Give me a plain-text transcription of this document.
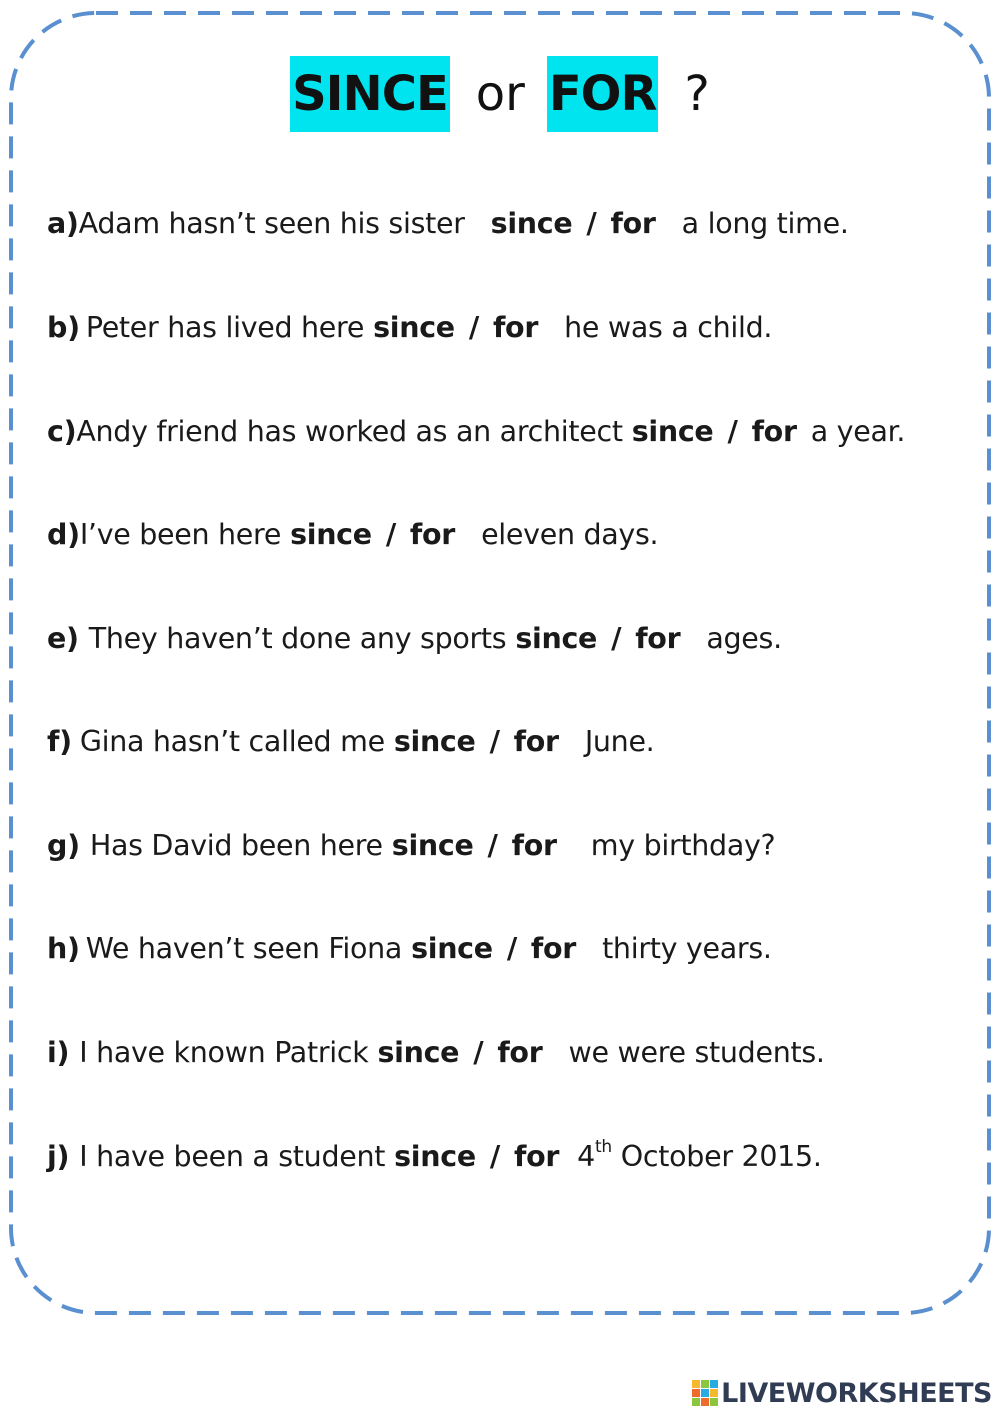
SINCE or FOR ?
a)Adam hasn’t seen his sister since / for a long time.
b) Peter has lived here since / for he was a child.
c)Andy friend has worked as an architect since / for a year.
d)I’ve been here since / for eleven days.
e) They haven’t done any sports since / for ages.
f) Gina hasn’t called me since / for June.
g) Has David been here since / for my birthday?
h) We haven’t seen Fiona since / for thirty years.
i) I have known Patrick since / for we were students.
j) I have been a student since / for 4th October 2015.
LIVEWORKSHEETS
